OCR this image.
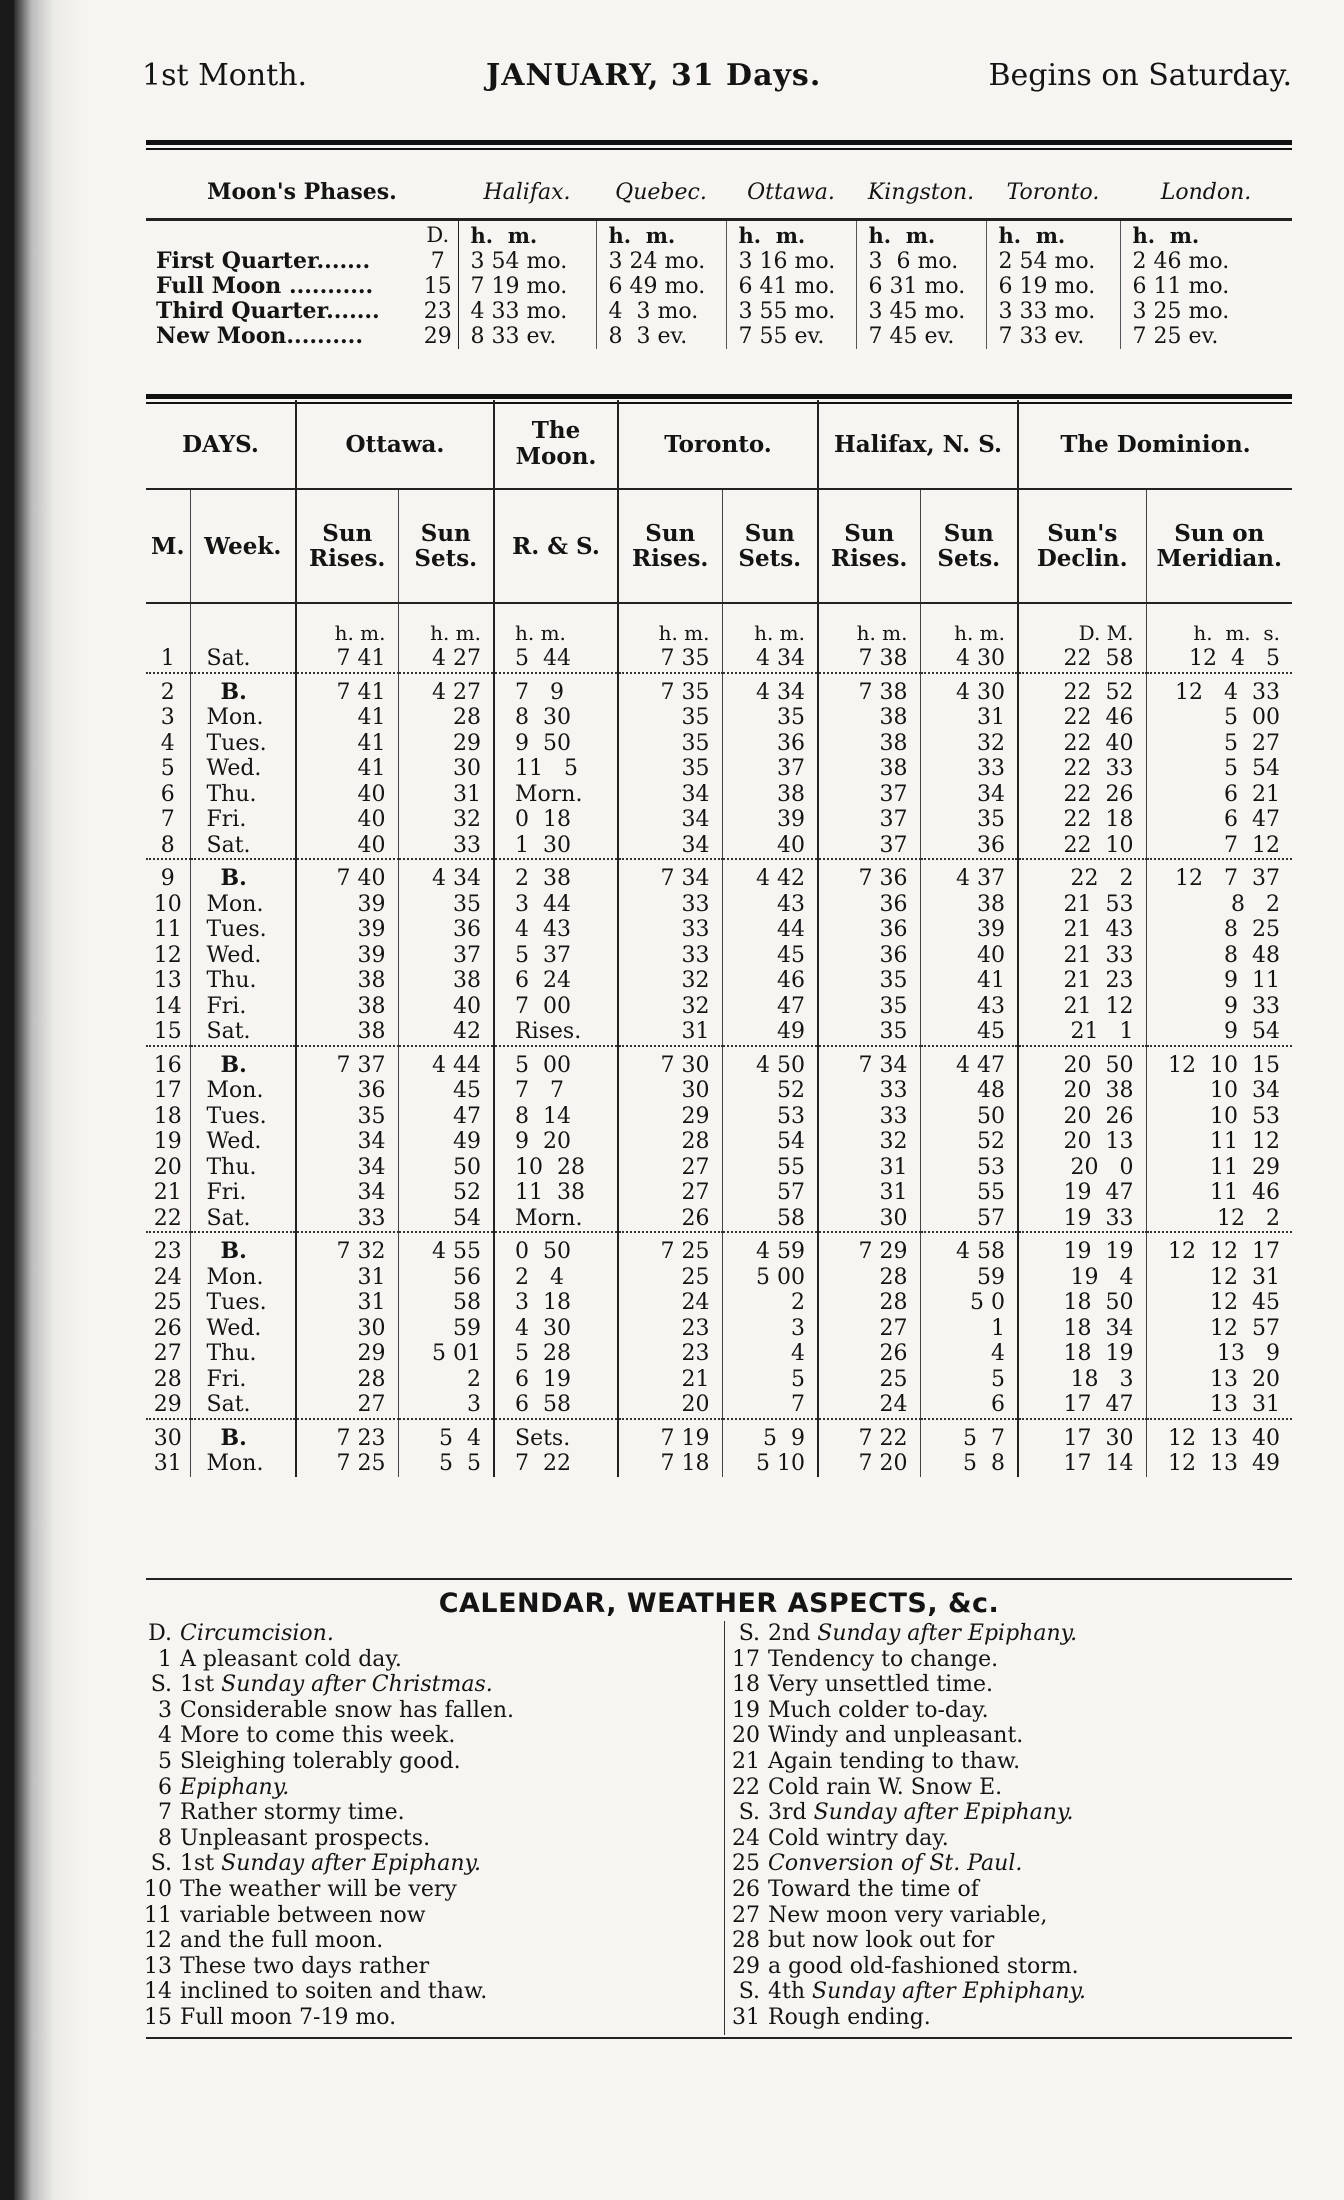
1st Month.	JANUARY, 31 Days.	Begins on Saturday.
Moon's Phases.		Halifax.	Quebec.	Ottawa.	Kingston.	Toronto.	London.
	D.	h.  m.	h.  m.	h.  m.	h.  m.	h.  m.	h.  m.
First Quarter.......	7	3 54 mo.	3 24 mo.	3 16 mo.	3  6 mo.	2 54 mo.	2 46 mo.
Full Moon ...........	15	7 19 mo.	6 49 mo.	6 41 mo.	6 31 mo.	6 19 mo.	6 11 mo.
Third Quarter.......	23	4 33 mo.	4  3 mo.	3 55 mo.	3 45 mo.	3 33 mo.	3 25 mo.
New Moon..........	29	8 33 ev.	8  3 ev.	7 55 ev.	7 45 ev.	7 33 ev.	7 25 ev.
DAYS.		Ottawa.		The Moon.	Toronto.		Halifax, N. S.		The Dominion.	
M.	Week.	Sun Rises.	Sun Sets.	R. & S.	Sun Rises.	Sun Sets.	Sun Rises.	Sun Sets.	Sun's Declin.	Sun on Meridian.
		h. m.	h. m.	h. m.	h. m.	h. m.	h. m.	h. m.	D. M.	h.  m.  s.
1	Sat.	7 41	4 27	5  44	7 35	4 34	7 38	4 30	22  58	12  4   5
2	B.	7 41	4 27	7   9	7 35	4 34	7 38	4 30	22  52	12   4  33
3	Mon.	41	28	8  30	35	35	38	31	22  46	5  00
4	Tues.	41	29	9  50	35	36	38	32	22  40	5  27
5	Wed.	41	30	11   5	35	37	38	33	22  33	5  54
6	Thu.	40	31	Morn.	34	38	37	34	22  26	6  21
7	Fri.	40	32	0  18	34	39	37	35	22  18	6  47
8	Sat.	40	33	1  30	34	40	37	36	22  10	7  12
9	B.	7 40	4 34	2  38	7 34	4 42	7 36	4 37	22   2	12   7  37
10	Mon.	39	35	3  44	33	43	36	38	21  53	8   2
11	Tues.	39	36	4  43	33	44	36	39	21  43	8  25
12	Wed.	39	37	5  37	33	45	36	40	21  33	8  48
13	Thu.	38	38	6  24	32	46	35	41	21  23	9  11
14	Fri.	38	40	7  00	32	47	35	43	21  12	9  33
15	Sat.	38	42	Rises.	31	49	35	45	21   1	9  54
16	B.	7 37	4 44	5  00	7 30	4 50	7 34	4 47	20  50	12  10  15
17	Mon.	36	45	7   7	30	52	33	48	20  38	10  34
18	Tues.	35	47	8  14	29	53	33	50	20  26	10  53
19	Wed.	34	49	9  20	28	54	32	52	20  13	11  12
20	Thu.	34	50	10  28	27	55	31	53	20   0	11  29
21	Fri.	34	52	11  38	27	57	31	55	19  47	11  46
22	Sat.	33	54	Morn.	26	58	30	57	19  33	12   2
23	B.	7 32	4 55	0  50	7 25	4 59	7 29	4 58	19  19	12  12  17
24	Mon.	31	56	2   4	25	5 00	28	59	19   4	12  31
25	Tues.	31	58	3  18	24	2	28	5 0	18  50	12  45
26	Wed.	30	59	4  30	23	3	27	1	18  34	12  57
27	Thu.	29	5 01	5  28	23	4	26	4	18  19	13   9
28	Fri.	28	2	6  19	21	5	25	5	18   3	13  20
29	Sat.	27	3	6  58	20	7	24	6	17  47	13  31
30	B.	7 23	5  4	Sets.	7 19	5  9	7 22	5  7	17  30	12  13  40
31	Mon.	7 25	5  5	7  22	7 18	5 10	7 20	5  8	17  14	12  13  49
CALENDAR, WEATHER ASPECTS, &c.
D. Circumcision.
1 A pleasant cold day.
S. 1st Sunday after Christmas.
3 Considerable snow has fallen.
4 More to come this week.
5 Sleighing tolerably good.
6 Epiphany.
7 Rather stormy time.
8 Unpleasant prospects.
S. 1st Sunday after Epiphany.
10 The weather will be very
11 variable between now
12 and the full moon.
13 These two days rather
14 inclined to soiten and thaw.
15 Full moon 7-19 mo.
S. 2nd Sunday after Epiphany.
17 Tendency to change.
18 Very unsettled time.
19 Much colder to-day.
20 Windy and unpleasant.
21 Again tending to thaw.
22 Cold rain W. Snow E.
S. 3rd Sunday after Epiphany.
24 Cold wintry day.
25 Conversion of St. Paul.
26 Toward the time of
27 New moon very variable,
28 but now look out for
29 a good old-fashioned storm.
S. 4th Sunday after Ephiphany.
31 Rough ending.
